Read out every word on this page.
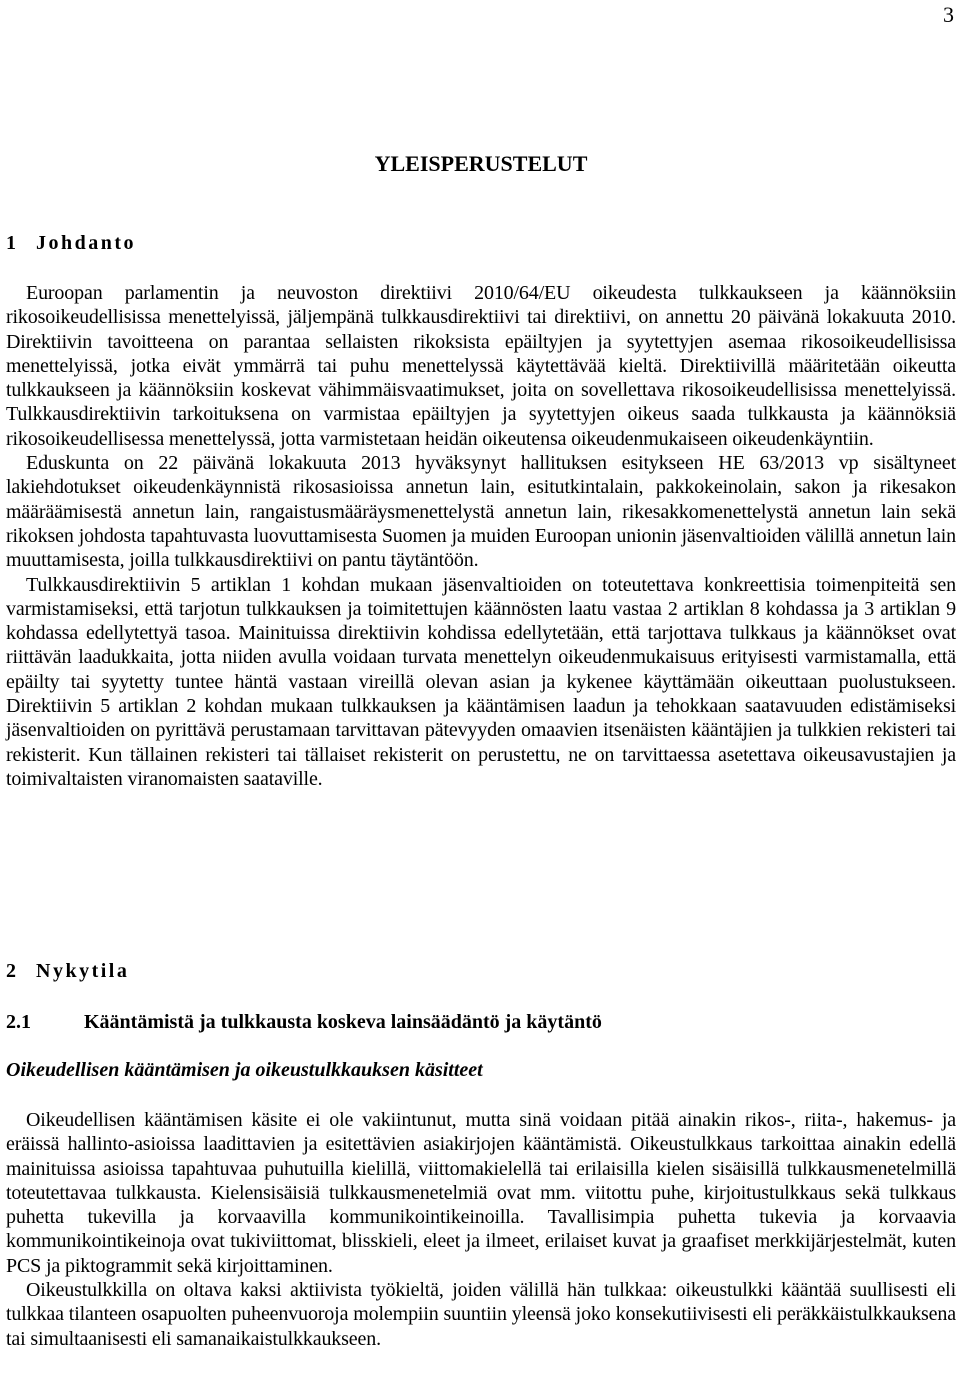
3
YLEISPERUSTELUT
1 Johdanto

Euroopan parlamentin ja neuvoston direktiivi 2010/64/EU oikeudesta tulkkaukseen ja käännöksiin rikosoikeudellisissa menettelyissä, jäljempänä tulkkausdirektiivi tai direktiivi, on annettu 20 päivänä lokakuuta 2010. Direktiivin tavoitteena on parantaa sellaisten rikoksista epäiltyjen ja syytettyjen asemaa rikosoikeudellisissa menettelyissä, jotka eivät ymmärrä tai puhu menettelyssä käytettävää kieltä. Direktiivillä määritetään oikeutta tulkkaukseen ja käännöksiin koskevat vähimmäisvaatimukset, joita on sovellettava rikosoikeudellisissa menettelyissä. Tulkkausdirektiivin tarkoituksena on varmistaa epäiltyjen ja syytettyjen oikeus saada tulkkausta ja käännöksiä rikosoikeudellisessa menettelyssä, jotta varmistetaan heidän oikeutensa oikeudenmukaiseen oikeudenkäyntiin.

Eduskunta on 22 päivänä lokakuuta 2013 hyväksynyt hallituksen esitykseen HE 63/2013 vp sisältyneet lakiehdotukset oikeudenkäynnistä rikosasioissa annetun lain, esitutkintalain, pakkokeinolain, sakon ja rikesakon määräämisestä annetun lain, rangaistusmääräysmenettelystä annetun lain, rikesakkomenettelystä annetun lain sekä rikoksen johdosta tapahtuvasta luovuttamisesta Suomen ja muiden Euroopan unionin jäsenvaltioiden välillä annetun lain muuttamisesta, joilla tulkkausdirektiivi on pantu täytäntöön.

Tulkkausdirektiivin 5 artiklan 1 kohdan mukaan jäsenvaltioiden on toteutettava konkreettisia toimenpiteitä sen varmistamiseksi, että tarjotun tulkkauksen ja toimitettujen käännösten laatu vastaa 2 artiklan 8 kohdassa ja 3 artiklan 9 kohdassa edellytettyä tasoa. Mainituissa direktiivin kohdissa edellytetään, että tarjottava tulkkaus ja käännökset ovat riittävän laadukkaita, jotta niiden avulla voidaan turvata menettelyn oikeudenmukaisuus erityisesti varmistamalla, että epäilty tai syytetty tuntee häntä vastaan vireillä olevan asian ja kykenee käyttämään oikeuttaan puolustukseen. Direktiivin 5 artiklan 2 kohdan mukaan tulkkauksen ja kääntämisen laadun ja tehokkaan saatavuuden edistämiseksi jäsenvaltioiden on pyrittävä perustamaan tarvittavan pätevyyden omaavien itsenäisten kääntäjien ja tulkkien rekisteri tai rekisterit. Kun tällainen rekisteri tai tällaiset rekisterit on perustettu, ne on tarvittaessa asetettava oikeusavustajien ja toimivaltaisten viranomaisten saataville.

2 Nykytila
2.1	Kääntämistä ja tulkkausta koskeva lainsäädäntö ja käytäntö
Oikeudellisen kääntämisen ja oikeustulkkauksen käsitteet

Oikeudellisen kääntämisen käsite ei ole vakiintunut, mutta sinä voidaan pitää ainakin rikos-, riita-, hakemus- ja eräissä hallinto-asioissa laadittavien ja esitettävien asiakirjojen kääntämistä. Oikeustulkkaus tarkoittaa ainakin edellä mainituissa asioissa tapahtuvaa puhutuilla kielillä, viittomakielellä tai erilaisilla kielen sisäisillä tulkkausmenetelmillä toteutettavaa tulkkausta. Kielensisäisiä tulkkausmenetelmiä ovat mm. viitottu puhe, kirjoitustulkkaus sekä tulkkaus puhetta tukevilla ja korvaavilla kommunikointikeinoilla. Tavallisimpia puhetta tukevia ja korvaavia kommunikointikeinoja ovat tukiviittomat, blisskieli, eleet ja ilmeet, erilaiset kuvat ja graafiset merkkijärjestelmät, kuten PCS ja piktogrammit sekä kirjoittaminen.

Oikeustulkkilla on oltava kaksi aktiivista työkieltä, joiden välillä hän tulkkaa: oikeustulkki kääntää suullisesti eli tulkkaa tilanteen osapuolten puheenvuoroja molempiin suuntiin yleensä joko konsekutiivisesti eli peräkkäistulkkauksena tai simultaanisesti eli samanaikaistulkkaukseen.
